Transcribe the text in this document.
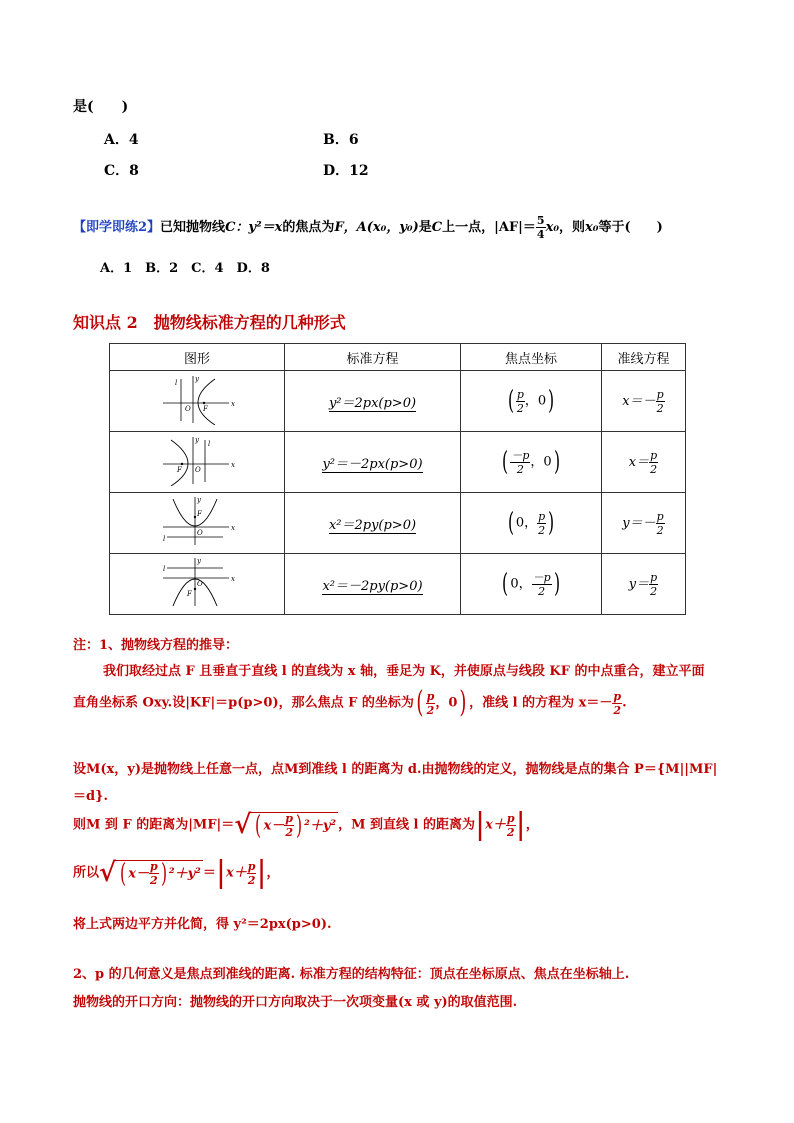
是(　　)
A．4	B．6
C．8	D．12
【即学即练2】已知抛物线C：y²＝x的焦点为F，A(x₀，y₀)是C上一点，$|AF|= \frac{5}{4} x_0$，则x₀等于(　　)
A．1　B．2　C．4　D．8
知识点 2　抛物线标准方程的几种形式
图形	标准方程	焦点坐标	准线方程

x
y
O F
l	y²＝2px(p>0)	( $\frac{p}{2}$ ，0)	$x=- \frac{p}{2}$

x
y
O
F
l	y²＝－2px(p>0)	( $\frac{-p}{2}$ ，0)	$x= \frac{p}{2}$

x
y
O
F
l	x²＝2py(p>0)	( 0， $\frac{p}{2}$ )	$y=- \frac{p}{2}$

x
y
O
F
l	x²＝－2py(p>0)	( 0， $\frac{-p}{2}$ )	$y= \frac{p}{2}$
注：1、抛物线方程的推导：
我们取经过点 F 且垂直于直线 l 的直线为 x 轴，垂足为 K，并使原点与线段 KF 的中点重合，建立平面
直角坐标系 Oxy.设|KF|＝p(p>0)，那么焦点 F 的坐标为( $\frac{p}{2}$ ，0) ，准线 l 的方程为 $x=- \frac{p}{2}$ .
设M(x，y)是抛物线上任意一点，点M到准线 l 的距离为 d.由抛物线的定义，抛物线是点的集合 P＝{M||MF|
＝d}.
则M 到 F 的距离为|MF|＝√ ( $x- \frac{p}{2}$ ) ²＋y² ，M 到直线 l 的距离为$|x+ \frac{p}{2}$ |，
所以√ ( $x- \frac{p}{2}$ ) $^2+y^2 =|x+ \frac{p}{2}$ |，
将上式两边平方并化简，得 y²＝2px(p>0).
2、p 的几何意义是焦点到准线的距离. 标准方程的结构特征：顶点在坐标原点、焦点在坐标轴上.
抛物线的开口方向：抛物线的开口方向取决于一次项变量(x 或 y)的取值范围.
